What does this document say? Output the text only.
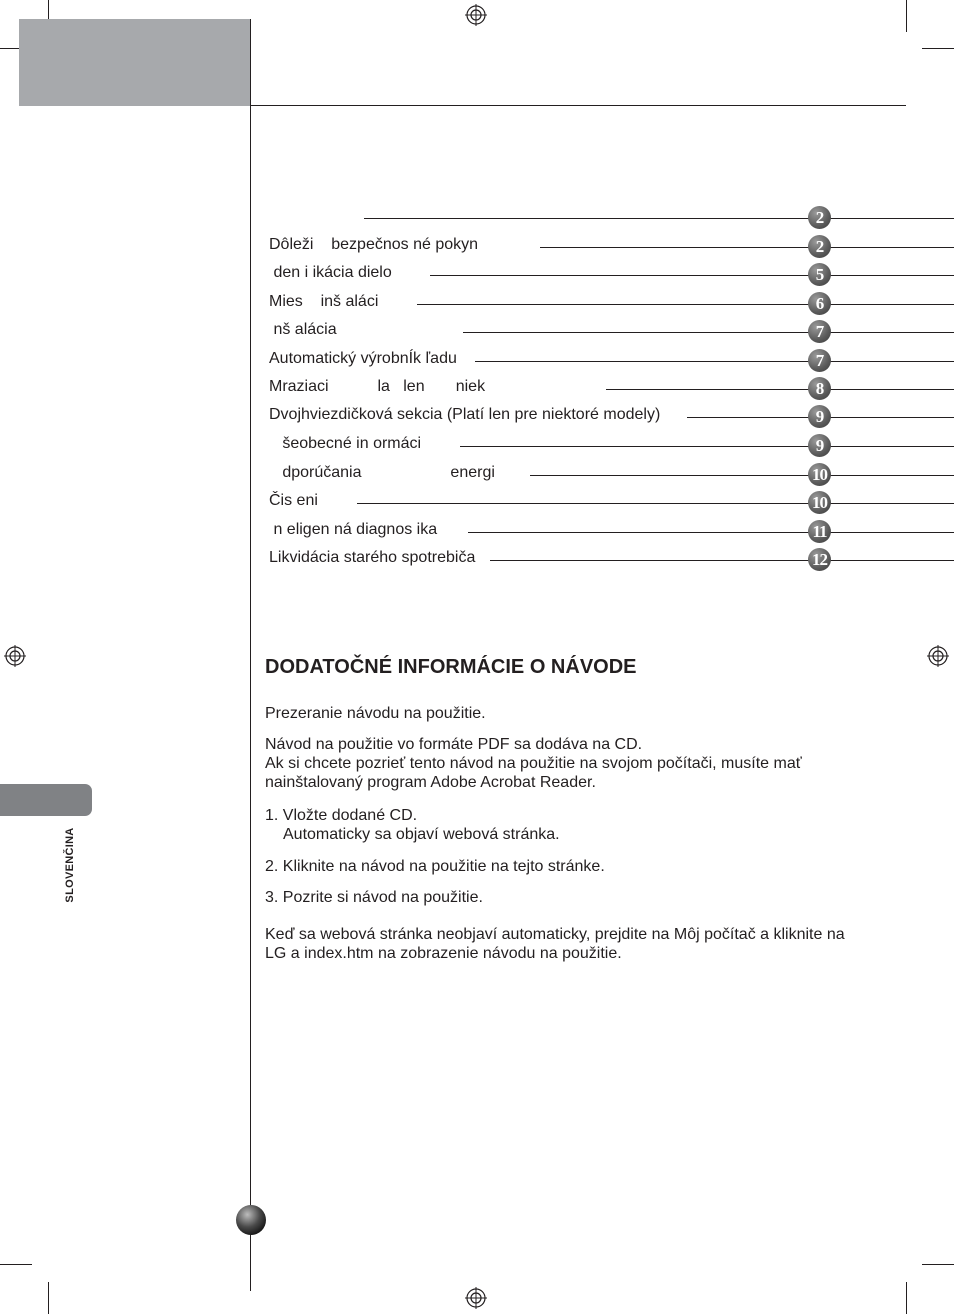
SLOVENČINA
2
Dôleži    bezpečnos né pokyn	2
den i ikácia dielo	5
Mies    inš aláci	6
nš alácia	7
Automatický výrobnÍk ľadu	7
Mraziaci           la   len       niek	8
Dvojhviezdičková sekcia (Platí len pre niektoré modely)	9
šeobecné in ormáci	9
dporúčania                    energi	10
Čis eni	10
n eligen ná diagnos ika	11
Likvidácia starého spotrebiča	12
DODATOČNÉ INFORMÁCIE O NÁVODE
Prezeranie návodu na použitie.
Návod na použitie vo formáte PDF sa dodáva na CD.
Ak si chcete pozrieť tento návod na použitie na svojom počítači, musíte mať nainštalovaný program Adobe Acrobat Reader.
1. Vložte dodané CD.
Automaticky sa objaví webová stránka.
2. Kliknite na návod na použitie na tejto stránke.
3. Pozrite si návod na použitie.
Keď sa webová stránka neobjaví automaticky, prejdite na Môj počítač a kliknite na LG a index.htm na zobrazenie návodu na použitie.
